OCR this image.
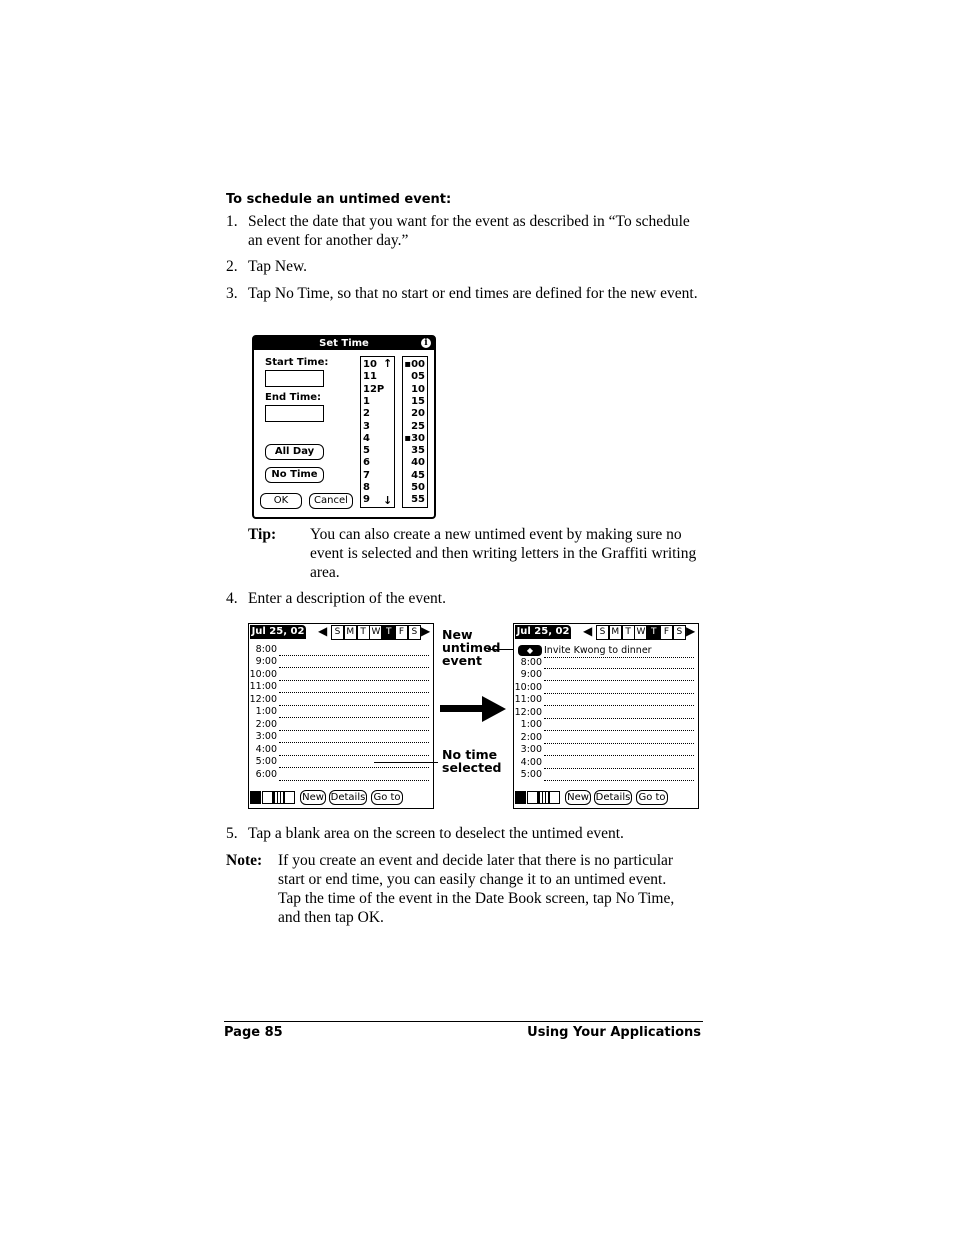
To schedule an untimed event:
1. Select the date that you want for the event as described in “To schedule an event for another day.”
2. Tap New.
3. Tap No Time, so that no start or end times are defined for the new event.
Set Time	i
Start Time:
End Time:
All Day
No Time
OK	Cancel
10
11
12P
1
2
3
4
5
6
7
8
9
↑
↓
▪00
05
10
15
20
25
▪30
35
40
45
50
55
Tip: You can also create a new untimed event by making sure no event is selected and then writing letters in the Graffiti writing area.
4. Enter a description of the event.
Jul 25, 02 ◀ S M T W T F S ▶
8:00
9:00
10:00
11:00
12:00
1:00
2:00
3:00
4:00
5:00
6:00
New Details Go to
New
untimed
event
No time
selected
Jul 25, 02 ◀ S M T W T F S ▶
◆	Invite Kwong to dinner
8:00
9:00
10:00
11:00
12:00
1:00
2:00
3:00
4:00
5:00
New Details Go to
5. Tap a blank area on the screen to deselect the untimed event.
Note: If you create an event and decide later that there is no particular start or end time, you can easily change it to an untimed event. Tap the time of the event in the Date Book screen, tap No Time, and then tap OK.
Page 85	Using Your Applications
